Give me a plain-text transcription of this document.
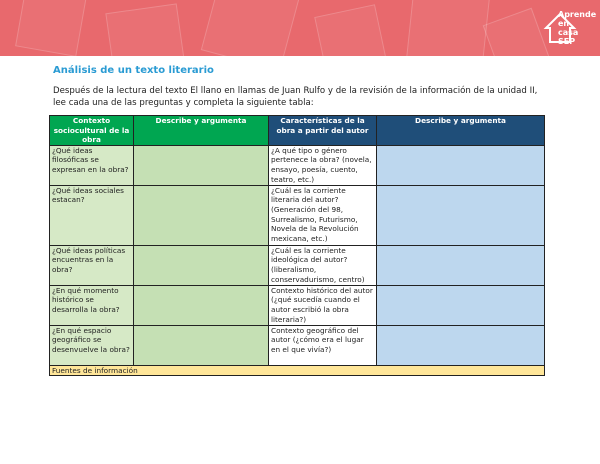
Aprende en
casa
SEP
Análisis de un texto literario
Después de la lectura del texto El llano en llamas de Juan Rulfo y de la revisión de la información de la unidad II, lee cada una de las preguntas y completa la siguiente tabla:
Contexto sociocultural de la obra	Describe y argumenta	Características de la obra a partir del autor	Describe y argumenta
¿Qué ideas filosóficas se expresan en la obra?		¿A qué tipo o género pertenece la obra? (novela, ensayo, poesía, cuento, teatro, etc.)	
¿Qué ideas sociales estacan?		¿Cuál es la corriente literaria del autor? (Generación del 98, Surrealismo, Futurismo, Novela de la Revolución mexicana, etc.)	
¿Qué ideas políticas encuentras en la obra?		¿Cuál es la corriente ideológica del autor? (liberalismo, conservadurismo, centro)	
¿En qué momento histórico se desarrolla la obra?		Contexto histórico del autor (¿qué sucedía cuando el autor escribió la obra literaria?)	
¿En qué espacio geográfico se desenvuelve la obra?		Contexto geográfico del autor (¿cómo era el lugar en el que vivía?)	
Fuentes de información			
